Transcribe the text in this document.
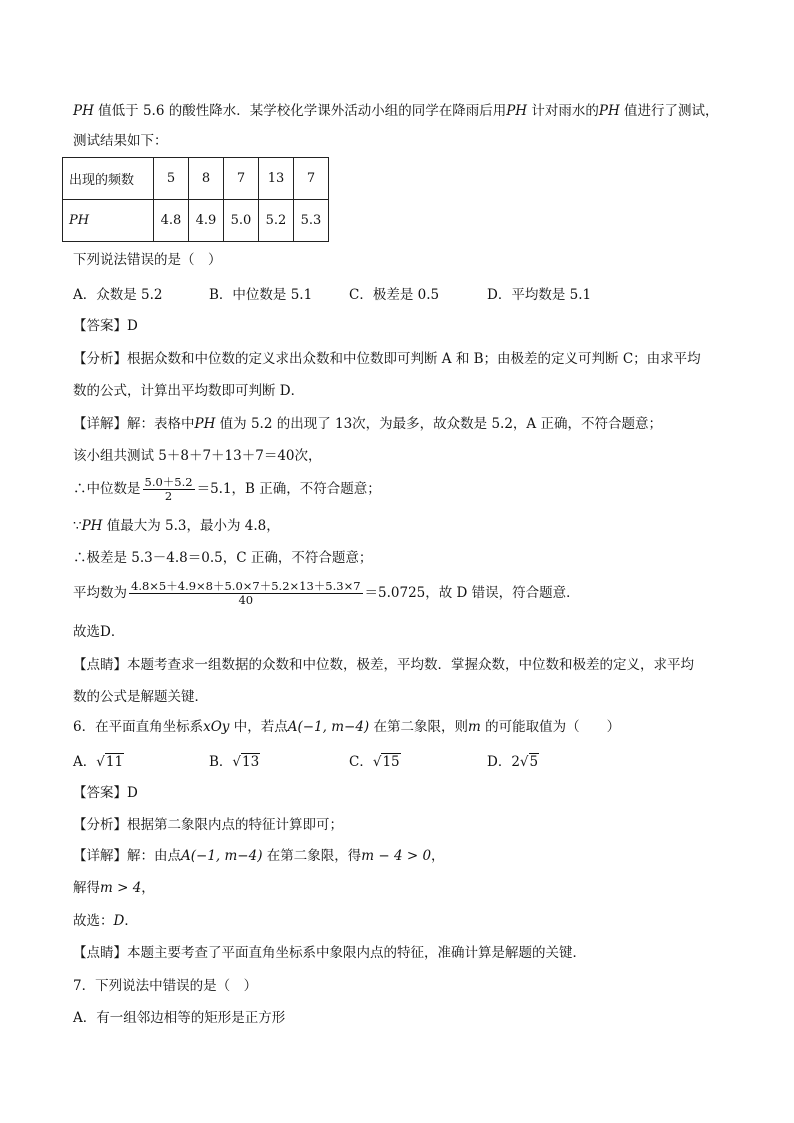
PH 值低于 5.6 的酸性降水．某学校化学课外活动小组的同学在降雨后用PH 计对雨水的PH 值进行了测试，
测试结果如下：
出现的频数	5	8	7	13	7
PH	4.8	4.9	5.0	5.2	5.3
下列说法错误的是（　）
A．众数是 5.2	B．中位数是 5.1	C．极差是 0.5	D．平均数是 5.1
【答案】D
【分析】根据众数和中位数的定义求出众数和中位数即可判断 A 和 B；由极差的定义可判断 C；由求平均
数的公式，计算出平均数即可判断 D．
【详解】解：表格中PH 值为 5.2 的出现了 13次，为最多，故众数是 5.2，A 正确，不符合题意；
该小组共测试 5＋8＋7＋13＋7＝40次，
∴中位数是 $\frac{5.0+5.2}{2} =5.1$，B 正确，不符合题意；
∵PH 值最大为 5.3，最小为 4.8，
∴极差是 5.3－4.8＝0.5，C 正确，不符合题意；
平均数为 $\frac{4.8\times 5+4.9\times 8+5.0\times 7+5.2\times 13+5.3\times 7}{40} =5.0725$，故 D 错误，符合题意．
故选D．
【点睛】本题考查求一组数据的众数和中位数，极差，平均数．掌握众数，中位数和极差的定义，求平均
数的公式是解题关键．
6．在平面直角坐标系xOy 中，若点A(−1, m−4) 在第二象限，则m 的可能取值为（　　）
A．√11	B．√13	C．√15	D．2√5
【答案】D
【分析】根据第二象限内点的特征计算即可；
【详解】解：由点A(−1, m−4) 在第二象限，得m − 4 > 0，
解得m > 4，
故选：D．
【点睛】本题主要考查了平面直角坐标系中象限内点的特征，准确计算是解题的关键．
7．下列说法中错误的是（　）
A．有一组邻边相等的矩形是正方形
